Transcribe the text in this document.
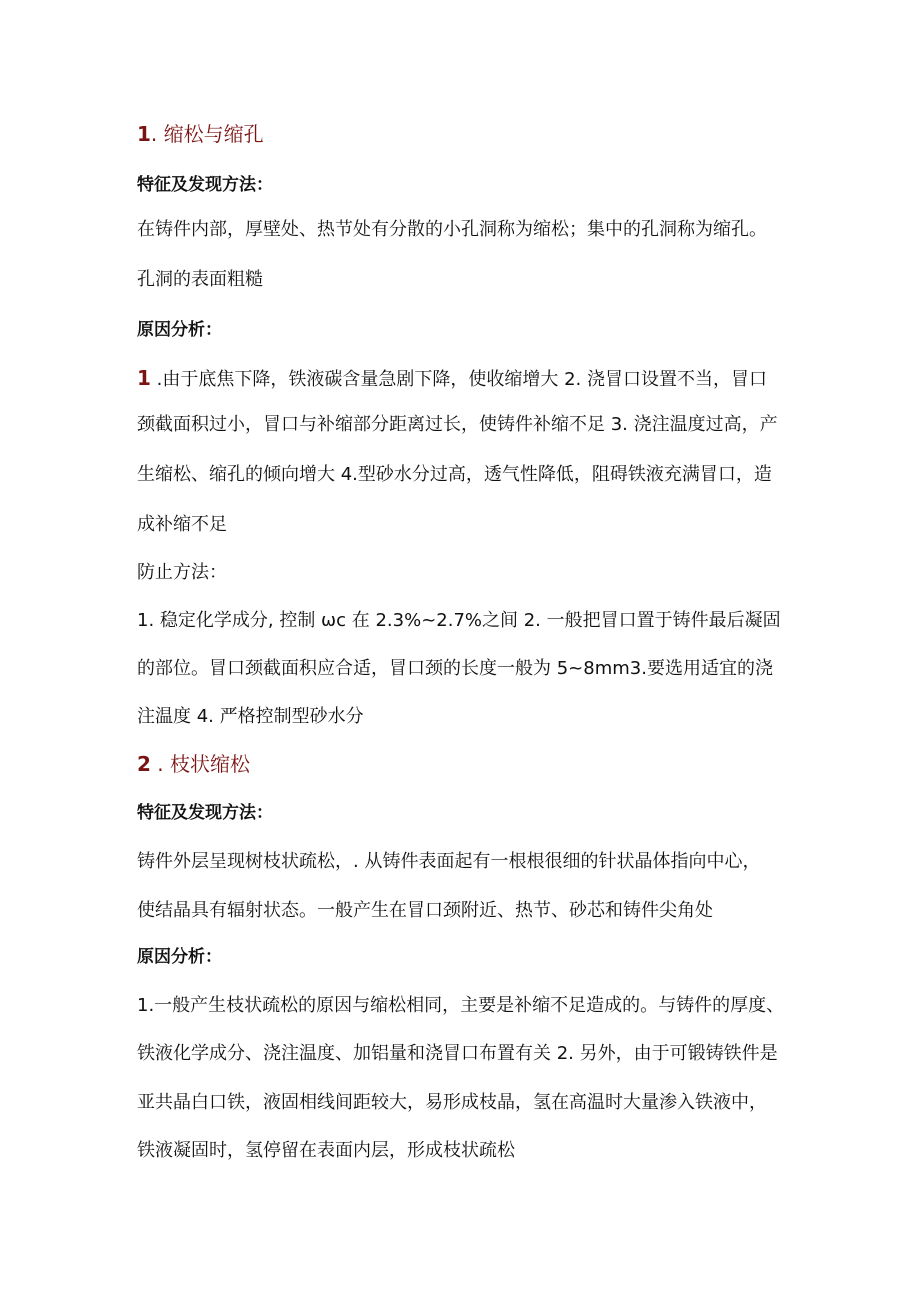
1. 缩松与缩孔
特征及发现方法：
在铸件内部，厚壁处、热节处有分散的小孔洞称为缩松；集中的孔洞称为缩孔。
孔洞的表面粗糙
原因分析：
1 .由于底焦下降，铁液碳含量急剧下降，使收缩增大 2. 浇冒口设置不当，冒口
颈截面积过小，冒口与补缩部分距离过长，使铸件补缩不足 3. 浇注温度过高，产
生缩松、缩孔的倾向增大 4.型砂水分过高，透气性降低，阻碍铁液充满冒口，造
成补缩不足
防止方法：
1. 稳定化学成分, 控制 ωc 在 2.3%~2.7%之间 2. 一般把冒口置于铸件最后凝固
的部位。冒口颈截面积应合适，冒口颈的长度一般为 5~8mm3.要选用适宜的浇
注温度 4. 严格控制型砂水分
2 . 枝状缩松
特征及发现方法：
铸件外层呈现树枝状疏松，. 从铸件表面起有一根根很细的针状晶体指向中心，
使结晶具有辐射状态。一般产生在冒口颈附近、热节、砂芯和铸件尖角处
原因分析：
1.一般产生枝状疏松的原因与缩松相同，主要是补缩不足造成的。与铸件的厚度、
铁液化学成分、浇注温度、加铝量和浇冒口布置有关 2. 另外，由于可锻铸铁件是
亚共晶白口铁，液固相线间距较大，易形成枝晶，氢在高温时大量渗入铁液中，
铁液凝固时，氢停留在表面内层，形成枝状疏松
